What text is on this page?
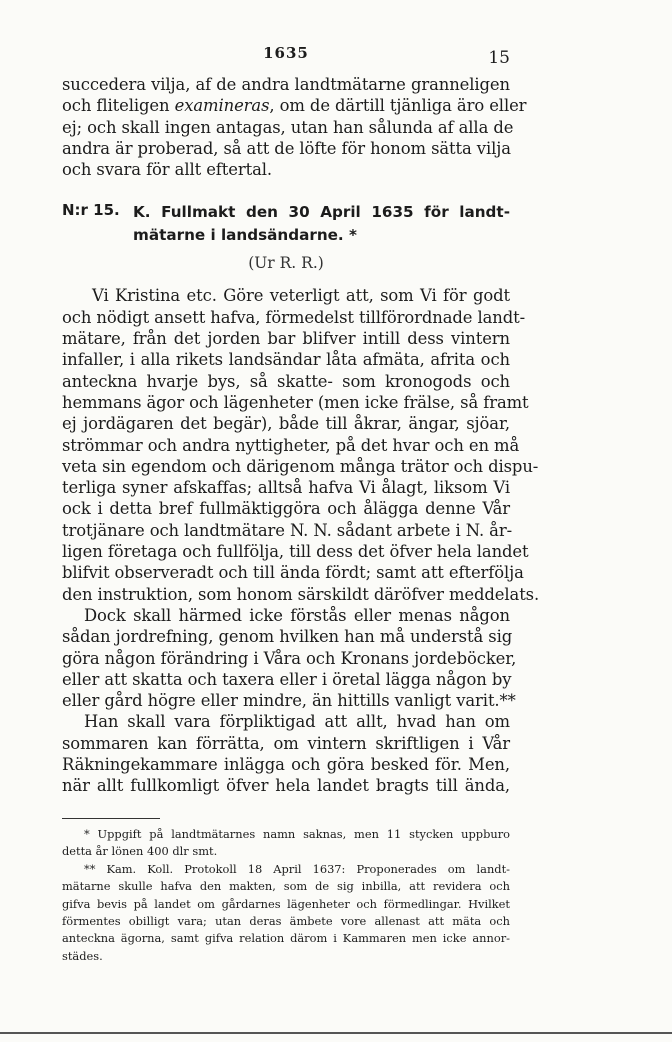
1635	15
succedera vilja, af de andra landtmätarne granneligen
och fliteligen examineras, om de därtill tjänliga äro eller
ej; och skall ingen antagas, utan han sålunda af alla de
andra är proberad, så att de löfte för honom sätta vilja
och svara för allt eftertal.
N:r 15. K. Fullmakt den 30 April 1635 för landt-
mätarne i landsändarne. *
(Ur R. R.)
Vi Kristina etc. Göre veterligt att, som Vi för godt
och nödigt ansett hafva, förmedelst tillförordnade landt-
mätare, från det jorden bar blifver intill dess vintern
infaller, i alla rikets landsändar låta afmäta, afrita och
anteckna hvarje bys, så skatte- som kronogods och
hemmans ägor och lägenheter (men icke frälse, så framt
ej jordägaren det begär), både till åkrar, ängar, sjöar,
strömmar och andra nyttigheter, på det hvar och en må
veta sin egendom och därigenom många trätor och dispu-
terliga syner afskaffas; alltså hafva Vi ålagt, liksom Vi
ock i detta bref fullmäktiggöra och ålägga denne Vår
trotjänare och landtmätare N. N. sådant arbete i N. år-
ligen företaga och fullfölja, till dess det öfver hela landet
blifvit observeradt och till ända fördt; samt att efterfölja
den instruktion, som honom särskildt däröfver meddelats.
Dock skall härmed icke förstås eller menas någon
sådan jordrefning, genom hvilken han må understå sig
göra någon förändring i Våra och Kronans jordeböcker,
eller att skatta och taxera eller i öretal lägga någon by
eller gård högre eller mindre, än hittills vanligt varit.**
Han skall vara förpliktigad att allt, hvad han om
sommaren kan förrätta, om vintern skriftligen i Vår
Räkningekammare inlägga och göra besked för. Men,
när allt fullkomligt öfver hela landet bragts till ända,
* Uppgift på landtmätarnes namn saknas, men 11 stycken uppburo
detta år lönen 400 dlr smt.
** Kam. Koll. Protokoll 18 April 1637: Proponerades om landt-
mätarne skulle hafva den makten, som de sig inbilla, att revidera och
gifva bevis på landet om gårdarnes lägenheter och förmedlingar. Hvilket
förmentes obilligt vara; utan deras ämbete vore allenast att mäta och
anteckna ägorna, samt gifva relation därom i Kammaren men icke annor-
städes.
